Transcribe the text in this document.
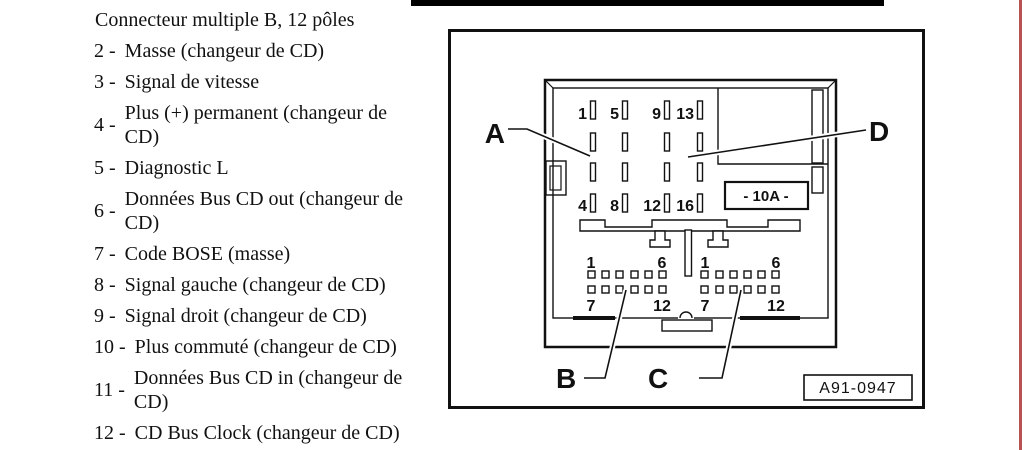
Connecteur multiple B, 12 pôles
2 - Masse (changeur de CD)
3 - Signal de vitesse
4 -
Plus (+) permanent (changeur de
CD)
5 - Diagnostic L
6 -
Données Bus CD out (changeur de
CD)
7 - Code BOSE (masse)
8 - Signal gauche (changeur de CD)
9 - Signal droit (changeur de CD)
10 - Plus commuté (changeur de CD)
11 -
Données Bus CD in (changeur de
CD)
12 - CD Bus Clock (changeur de CD)
1 5 9 13
4 8 12 16
- 10A -
1	6
7	12
1	6
7	12
A	D
B	C	A91-0947
